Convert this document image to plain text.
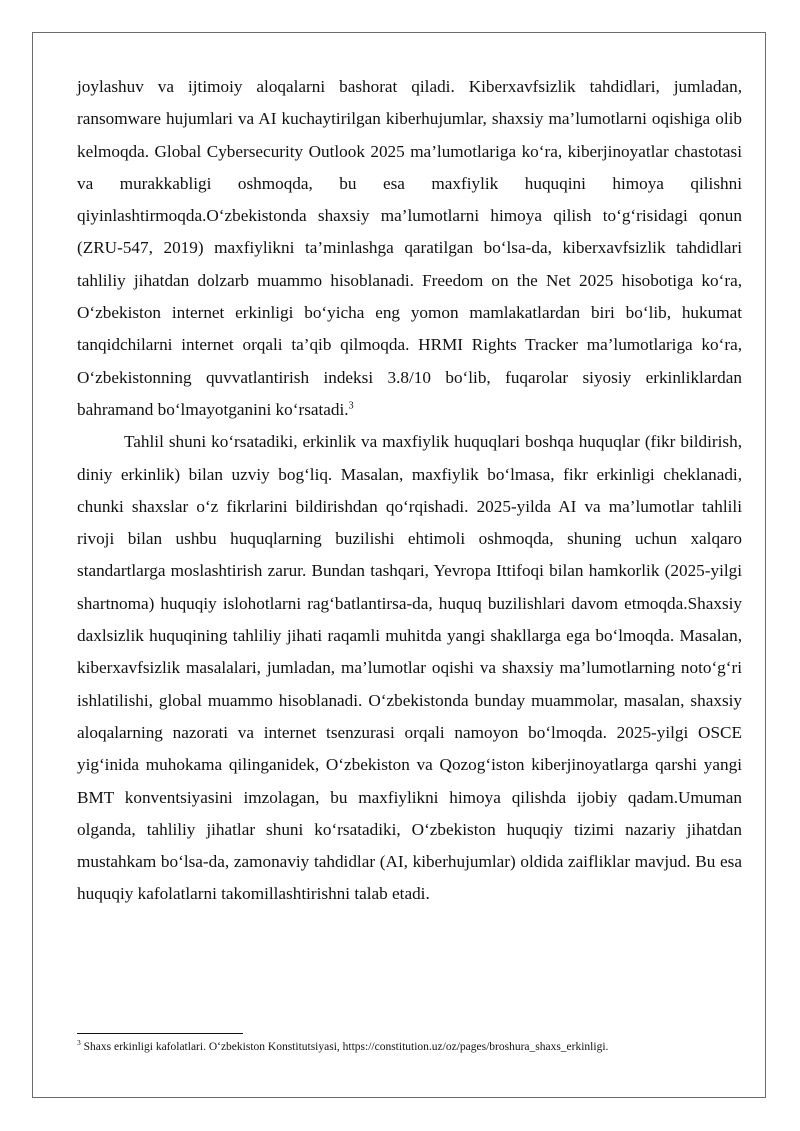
joylashuv va ijtimoiy aloqalarni bashorat qiladi. Kiberxavfsizlik tahdidlari, jumladan, ransomware hujumlari va AI kuchaytirilgan kiberhujumlar, shaxsiy ma’lumotlarni oqishiga olib kelmoqda. Global Cybersecurity Outlook 2025 ma’lumotlariga ko‘ra, kiberjinoyatlar chastotasi va murakkabligi oshmoqda, bu esa maxfiylik huquqini himoya qilishni qiyinlashtirmoqda.O‘zbekistonda shaxsiy ma’lumotlarni himoya qilish to‘g‘risidagi qonun (ZRU-547, 2019) maxfiylikni ta’minlashga qaratilgan bo‘lsa-da, kiberxavfsizlik tahdidlari tahliliy jihatdan dolzarb muammo hisoblanadi. Freedom on the Net 2025 hisobotiga ko‘ra, O‘zbekiston internet erkinligi bo‘yicha eng yomon mamlakatlardan biri bo‘lib, hukumat tanqidchilarni internet orqali ta’qib qilmoqda. HRMI Rights Tracker ma’lumotlariga ko‘ra, O‘zbekistonning quvvatlantirish indeksi 3.8/10 bo‘lib, fuqarolar siyosiy erkinliklardan bahramand bo‘lmayotganini ko‘rsatadi.$^3$

Tahlil shuni ko‘rsatadiki, erkinlik va maxfiylik huquqlari boshqa huquqlar (fikr bildirish, diniy erkinlik) bilan uzviy bog‘liq. Masalan, maxfiylik bo‘lmasa, fikr erkinligi cheklanadi, chunki shaxslar o‘z fikrlarini bildirishdan qo‘rqishadi. 2025-yilda AI va ma’lumotlar tahlili rivoji bilan ushbu huquqlarning buzilishi ehtimoli oshmoqda, shuning uchun xalqaro standartlarga moslashtirish zarur. Bundan tashqari, Yevropa Ittifoqi bilan hamkorlik (2025-yilgi shartnoma) huquqiy islohotlarni rag‘batlantirsa-da, huquq buzilishlari davom etmoqda.Shaxsiy daxlsizlik huquqining tahliliy jihati raqamli muhitda yangi shakllarga ega bo‘lmoqda. Masalan, kiberxavfsizlik masalalari, jumladan, ma’lumotlar oqishi va shaxsiy ma’lumotlarning noto‘g‘ri ishlatilishi, global muammo hisoblanadi. O‘zbekistonda bunday muammolar, masalan, shaxsiy aloqalarning nazorati va internet tsenzurasi orqali namoyon bo‘lmoqda. 2025-yilgi OSCE yig‘inida muhokama qilinganidek, O‘zbekiston va Qozog‘iston kiberjinoyatlarga qarshi yangi BMT konventsiyasini imzolagan, bu maxfiylikni himoya qilishda ijobiy qadam.Umuman olganda, tahliliy jihatlar shuni ko‘rsatadiki, O‘zbekiston huquqiy tizimi nazariy jihatdan mustahkam bo‘lsa-da, zamonaviy tahdidlar (AI, kiberhujumlar) oldida zaifliklar mavjud. Bu esa huquqiy kafolatlarni takomillashtirishni talab etadi.

$^3$ Shaxs erkinligi kafolatlari. O‘zbekiston Konstitutsiyasi, https://constitution.uz/oz/pages/broshura_shaxs_erkinligi.
